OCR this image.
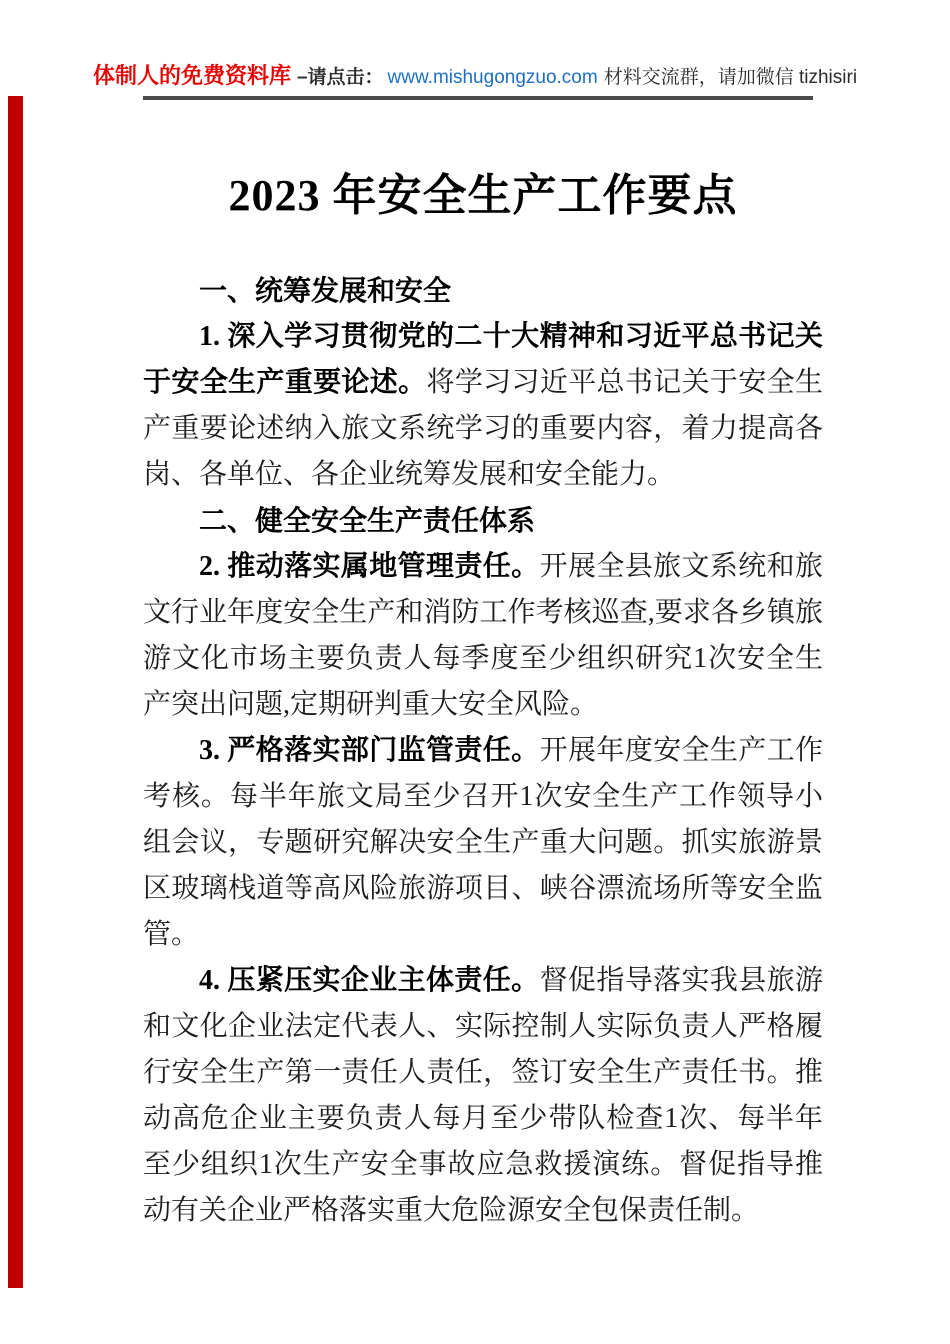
体制人的免费资料库 –请点击： www.mishugongzuo.com 材料交流群，请加微信 tizhisiri
2023 年安全生产工作要点

一、统筹发展和安全

1. 深入学习贯彻党的二十大精神和习近平总书记关于安全生产重要论述。将学习习近平总书记关于安全生产重要论述纳入旅文系统学习的重要内容，着力提高各岗、各单位、各企业统筹发展和安全能力。

二、健全安全生产责任体系

2. 推动落实属地管理责任。开展全县旅文系统和旅文行业年度安全生产和消防工作考核巡查,要求各乡镇旅游文化市场主要负责人每季度至少组织研究1次安全生产突出问题,定期研判重大安全风险。

3. 严格落实部门监管责任。开展年度安全生产工作考核。每半年旅文局至少召开1次安全生产工作领导小组会议，专题研究解决安全生产重大问题。抓实旅游景区玻璃栈道等高风险旅游项目、峡谷漂流场所等安全监管。

4. 压紧压实企业主体责任。督促指导落实我县旅游和文化企业法定代表人、实际控制人实际负责人严格履行安全生产第一责任人责任，签订安全生产责任书。推动高危企业主要负责人每月至少带队检查1次、每半年至少组织1次生产安全事故应急救援演练。督促指导推动有关企业严格落实重大危险源安全包保责任制。
